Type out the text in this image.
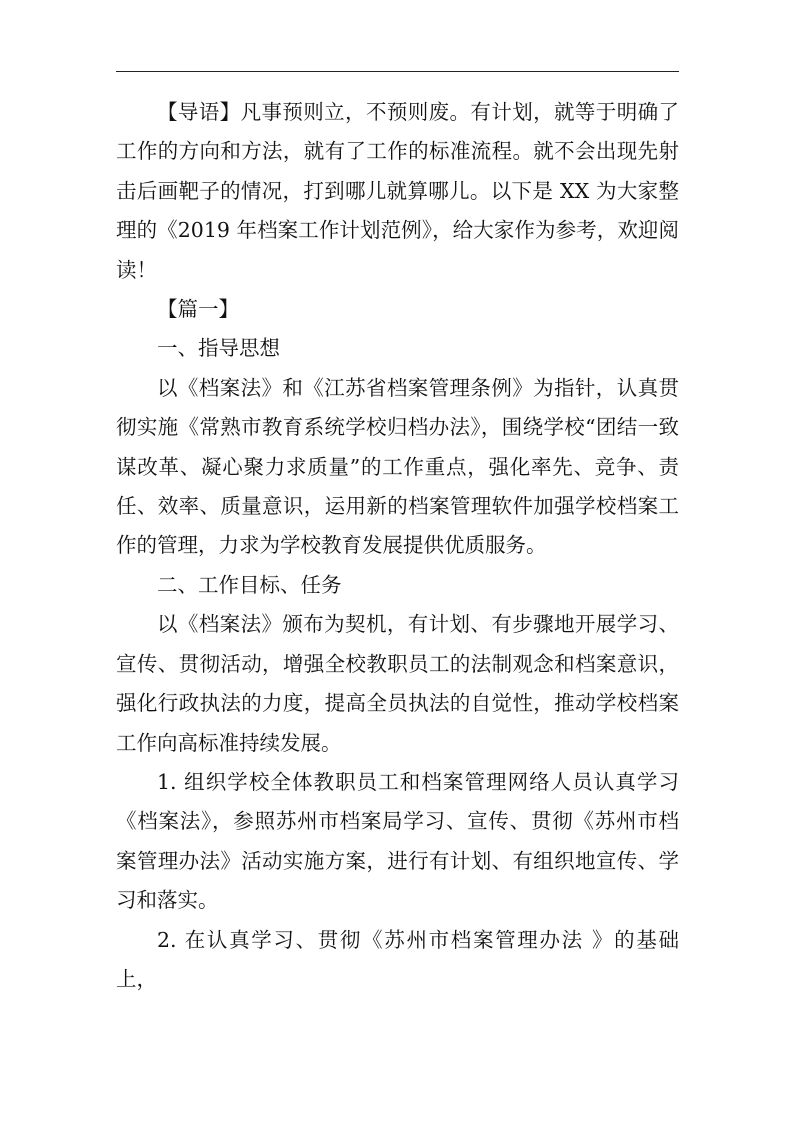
【导语】凡事预则立，不预则废。有计划，就等于明确了工作的方向和方法，就有了工作的标准流程。就不会出现先射击后画靶子的情况，打到哪儿就算哪儿。以下是 XX 为大家整理的《2019 年档案工作计划范例》，给大家作为参考，欢迎阅读！

【篇一】

一、指导思想

以《档案法》和《江苏省档案管理条例》为指针，认真贯彻实施《常熟市教育系统学校归档办法》，围绕学校“团结一致谋改革、凝心聚力求质量”的工作重点，强化率先、竞争、责任、效率、质量意识，运用新的档案管理软件加强学校档案工作的管理，力求为学校教育发展提供优质服务。

二、工作目标、任务

以《档案法》颁布为契机，有计划、有步骤地开展学习、宣传、贯彻活动，增强全校教职员工的法制观念和档案意识，强化行政执法的力度，提高全员执法的自觉性，推动学校档案工作向高标准持续发展。

1. 组织学校全体教职员工和档案管理网络人员认真学习《档案法》，参照苏州市档案局学习、宣传、贯彻《苏州市档案管理办法》活动实施方案，进行有计划、有组织地宣传、学习和落实。

2. 在认真学习、贯彻《苏州市档案管理办法 》的基础上，
